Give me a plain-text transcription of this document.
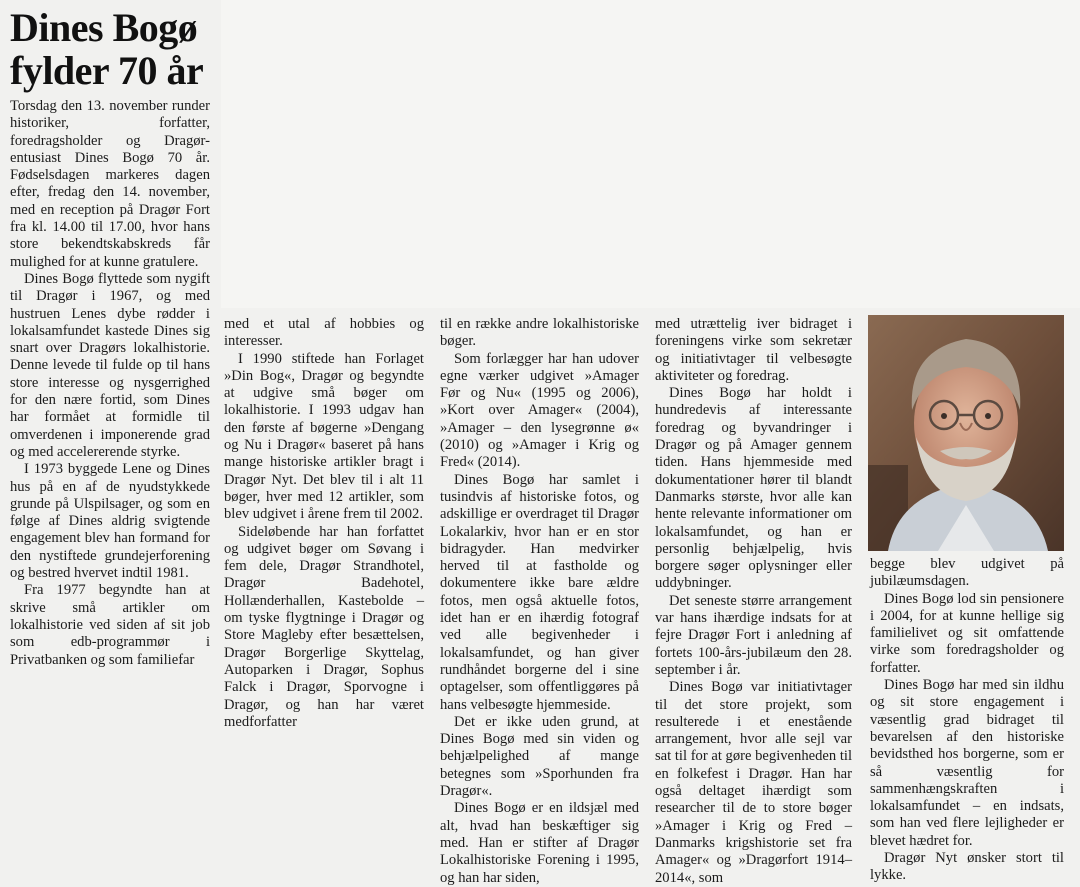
Dines Bogø
fylder 70 år

Torsdag den 13. november runder historiker, forfatter, foredragsholder og Dragør-entusiast Dines Bogø 70 år. Fødselsdagen markeres dagen efter, fredag den 14. november, med en reception på Dragør Fort fra kl. 14.00 til 17.00, hvor hans store bekendtskabskreds får mulighed for at kunne gratulere.

Dines Bogø flyttede som nygift til Dragør i 1967, og med hustruen Lenes dybe rødder i lokalsamfundet kastede Dines sig snart over Dragørs lokalhistorie. Denne levede til fulde op til hans store interesse og nysgerrighed for den nære fortid, som Dines har formået at formidle til omverdenen i imponerende grad og med accelererende styrke.

I 1973 byggede Lene og Dines hus på en af de nyudstykkede grunde på Ulspilsager, og som en følge af Dines aldrig svigtende engagement blev han formand for den nystiftede grundejerforening og bestred hvervet indtil 1981.

Fra 1977 begyndte han at skrive små artikler om lokalhistorie ved siden af sit job som edb-programmør i Privatbanken og som familiefar

med et utal af hobbies og interesser.

I 1990 stiftede han Forlaget »Din Bog«, Dragør og begyndte at udgive små bøger om lokalhistorie. I 1993 udgav han den første af bøgerne »Dengang og Nu i Dragør« baseret på hans mange historiske artikler bragt i Dragør Nyt. Det blev til i alt 11 bøger, hver med 12 artikler, som blev udgivet i årene frem til 2002.

Sideløbende har han forfattet og udgivet bøger om Søvang i fem dele, Dragør Strandhotel, Dragør Badehotel, Hollænderhallen, Kastebolde – om tyske flygtninge i Dragør og Store Magleby efter besættelsen, Dragør Borgerlige Skyttelag, Autoparken i Dragør, Sophus Falck i Dragør, Sporvogne i Dragør, og han har været medforfatter

til en række andre lokalhistoriske bøger.

Som forlægger har han udover egne værker udgivet »Amager Før og Nu« (1995 og 2006), »Kort over Amager« (2004), »Amager – den lysegrønne ø« (2010) og »Amager i Krig og Fred« (2014).

Dines Bogø har samlet i tusindvis af historiske fotos, og adskillige er overdraget til Dragør Lokalarkiv, hvor han er en stor bidragyder. Han medvirker herved til at fastholde og dokumentere ikke bare ældre fotos, men også aktuelle fotos, idet han er en ihærdig fotograf ved alle begivenheder i lokalsamfundet, og han giver rundhåndet borgerne del i sine optagelser, som offentliggøres på hans velbesøgte hjemmeside.

Det er ikke uden grund, at Dines Bogø med sin viden og behjælpelighed af mange betegnes som »Sporhunden fra Dragør«.

Dines Bogø er en ildsjæl med alt, hvad han beskæftiger sig med. Han er stifter af Dragør Lokalhistoriske Forening i 1995, og han har siden,

med utrættelig iver bidraget i foreningens virke som sekretær og initiativtager til velbesøgte aktiviteter og foredrag.

Dines Bogø har holdt i hundredevis af interessante foredrag og byvandringer i Dragør og på Amager gennem tiden. Hans hjemmeside med dokumentationer hører til blandt Danmarks største, hvor alle kan hente relevante informationer om lokalsamfundet, og han er personlig behjælpelig, hvis borgere søger oplysninger eller uddybninger.

Det seneste større arrangement var hans ihærdige indsats for at fejre Dragør Fort i anledning af fortets 100-års-jubilæum den 28. september i år.

Dines Bogø var initiativtager til det store projekt, som resulterede i et enestående arrangement, hvor alle sejl var sat til for at gøre begivenheden til en folkefest i Dragør. Han har også deltaget ihærdigt som researcher til de to store bøger »Amager i Krig og Fred – Danmarks krigshistorie set fra Amager« og »Dragørfort 1914–2014«, som

begge blev udgivet på jubilæumsdagen.

Dines Bogø lod sin pensionere i 2004, for at kunne hellige sig familielivet og sit omfattende virke som foredragsholder og forfatter.

Dines Bogø har med sin ildhu og sit store engagement i væsentlig grad bidraget til bevarelsen af den historiske bevidsthed hos borgerne, som er så væsentlig for sammenhængskraften i lokalsamfundet – en indsats, som han ved flere lejligheder er blevet hædret for.

Dragør Nyt ønsker stort til lykke.
